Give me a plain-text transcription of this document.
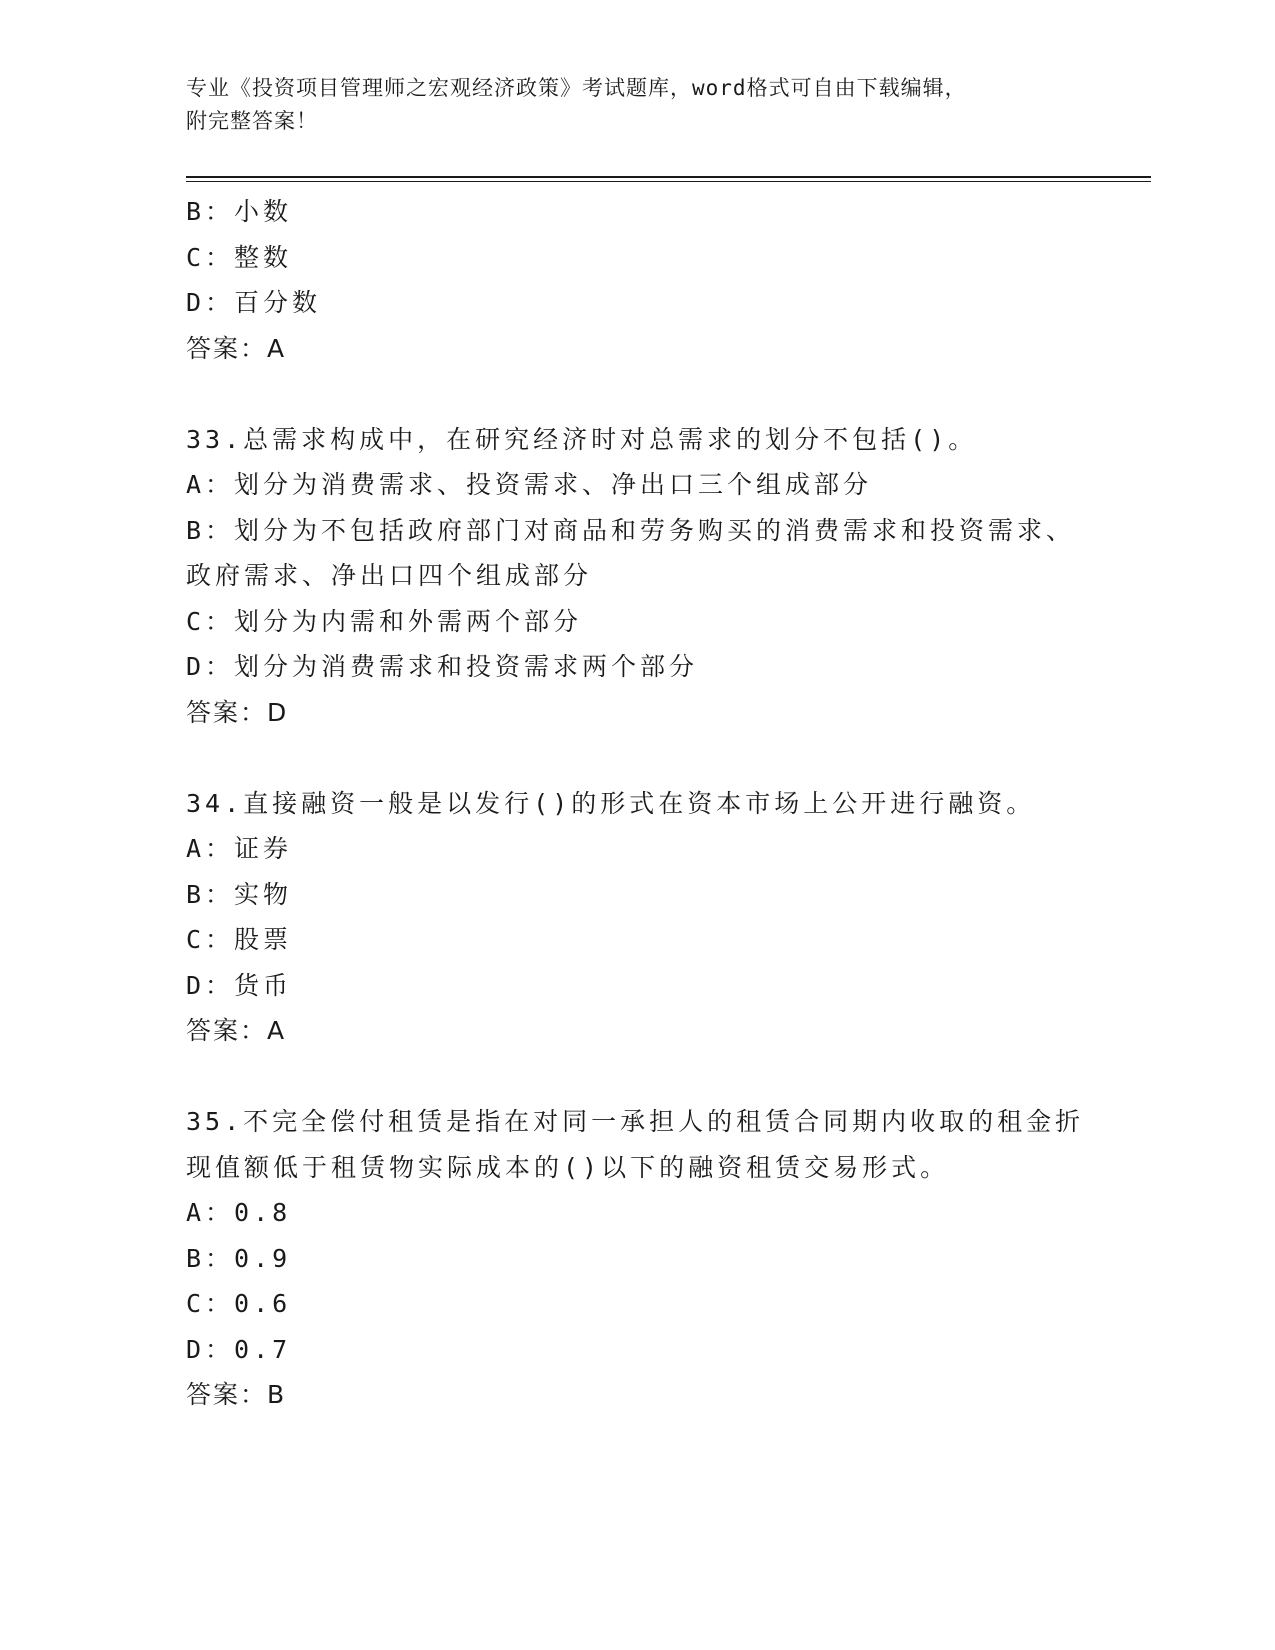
专业《投资项目管理师之宏观经济政策》考试题库，word格式可自由下载编辑，
附完整答案！
B：小数
C：整数
D：百分数
答案：A
33.总需求构成中，在研究经济时对总需求的划分不包括()。
A：划分为消费需求、投资需求、净出口三个组成部分
B：划分为不包括政府部门对商品和劳务购买的消费需求和投资需求、
政府需求、净出口四个组成部分
C：划分为内需和外需两个部分
D：划分为消费需求和投资需求两个部分
答案：D
34.直接融资一般是以发行()的形式在资本市场上公开进行融资。
A：证券
B：实物
C：股票
D：货币
答案：A
35.不完全偿付租赁是指在对同一承担人的租赁合同期内收取的租金折
现值额低于租赁物实际成本的()以下的融资租赁交易形式。
A：0.8
B：0.9
C：0.6
D：0.7
答案：B
